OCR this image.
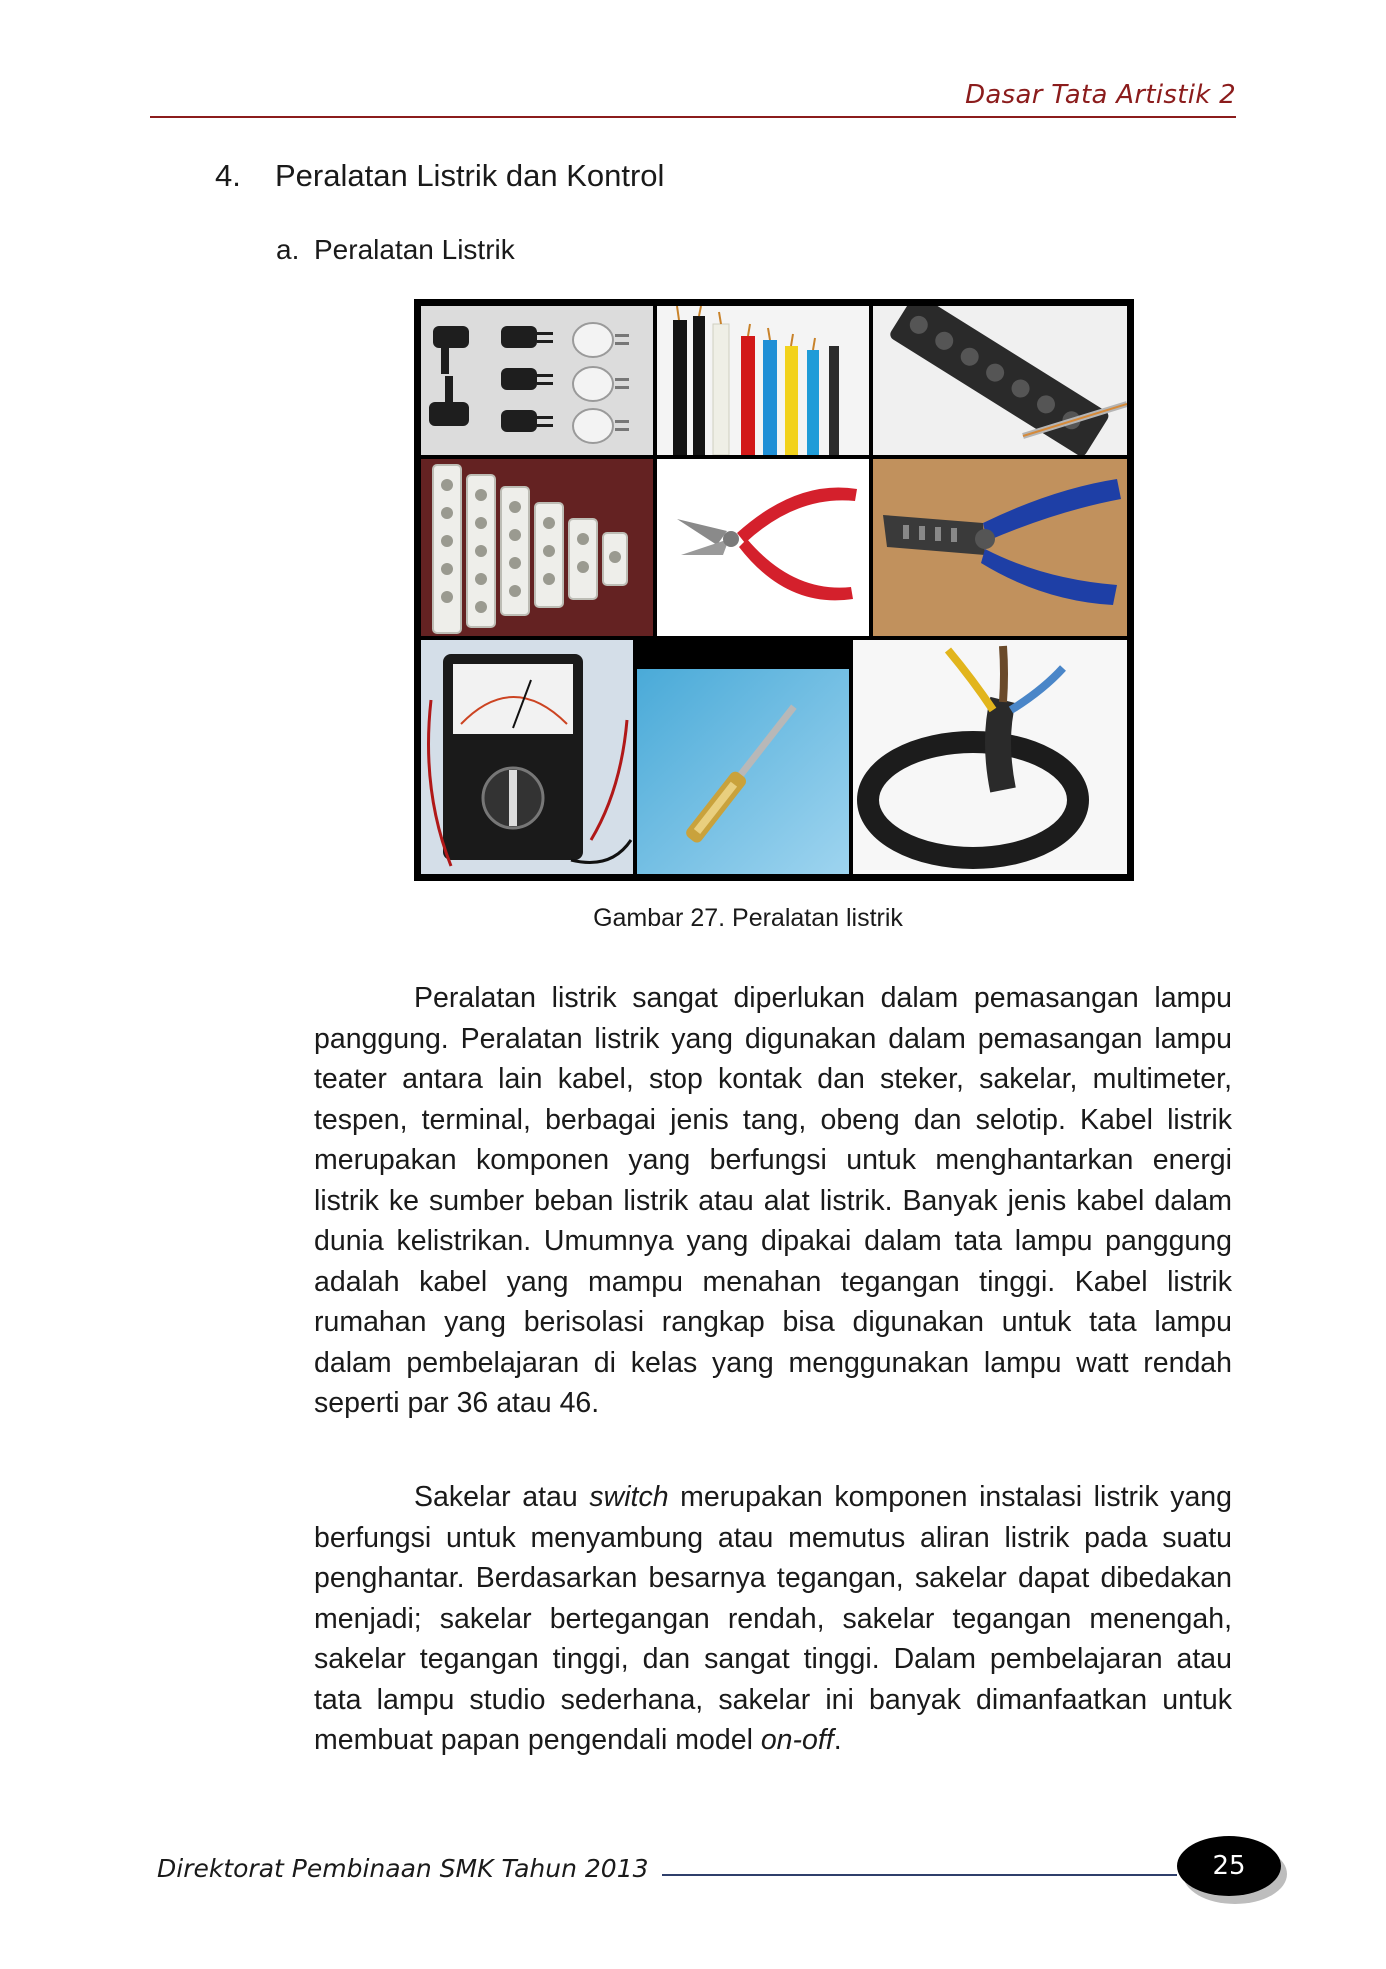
Dasar Tata Artistik 2
4. Peralatan Listrik dan Kontrol
a. Peralatan Listrik
Gambar 27. Peralatan listrik

Peralatan listrik sangat diperlukan dalam pemasangan lampu panggung. Peralatan listrik yang digunakan dalam pemasangan lampu teater antara lain kabel, stop kontak dan steker, sakelar, multimeter, tespen, terminal, berbagai jenis tang, obeng dan selotip. Kabel listrik merupakan komponen yang berfungsi untuk menghantarkan energi listrik ke sumber beban listrik atau alat listrik. Banyak jenis kabel dalam dunia kelistrikan. Umumnya yang dipakai dalam tata lampu panggung adalah kabel yang mampu menahan tegangan tinggi. Kabel listrik rumahan yang berisolasi rangkap bisa digunakan untuk tata lampu dalam pembelajaran di kelas yang menggunakan lampu watt rendah seperti par 36 atau 46.

Sakelar atau switch merupakan komponen instalasi listrik yang berfungsi untuk menyambung atau memutus aliran listrik pada suatu penghantar. Berdasarkan besarnya tegangan, sakelar dapat dibedakan menjadi; sakelar bertegangan rendah, sakelar tegangan menengah, sakelar tegangan tinggi, dan sangat tinggi. Dalam pembelajaran atau tata lampu studio sederhana, sakelar ini banyak dimanfaatkan untuk membuat papan pengendali model on-off.

Direktorat Pembinaan SMK Tahun 2013	25
